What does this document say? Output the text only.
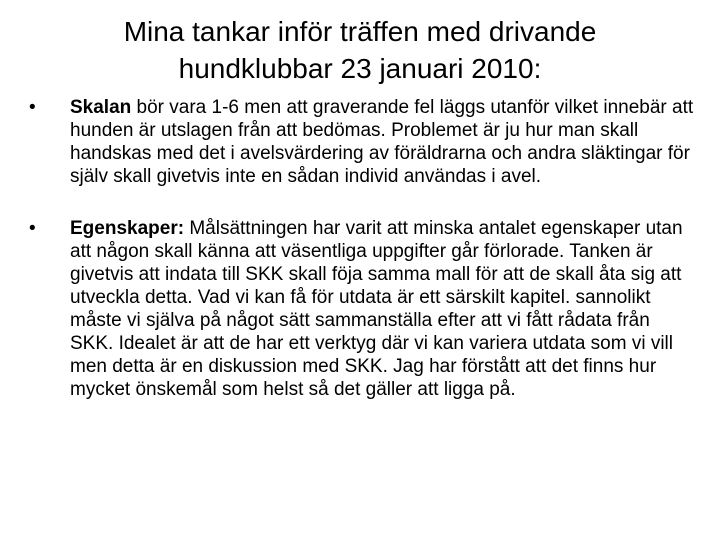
Mina tankar inför träffen med drivande
hundklubbar 23 januari 2010:
• Skalan bör vara 1-6 men att graverande fel läggs utanför vilket innebär att hunden är utslagen från att bedömas. Problemet är ju hur man skall handskas med det i avelsvärdering av föräldrarna och andra släktingar för själv skall givetvis inte en sådan individ användas i avel.
• Egenskaper: Målsättningen har varit att minska antalet egenskaper utan att någon skall känna att väsentliga uppgifter går förlorade. Tanken är givetvis att indata till SKK skall föja samma mall för att de skall åta sig att utveckla detta. Vad vi kan få för utdata är ett särskilt kapitel. sannolikt måste vi själva på något sätt sammanställa efter att vi fått rådata från SKK. Idealet är att de har ett verktyg där vi kan variera utdata som vi vill men detta är en diskussion med SKK. Jag har förstått att det finns hur mycket önskemål som helst så det gäller att ligga på.
